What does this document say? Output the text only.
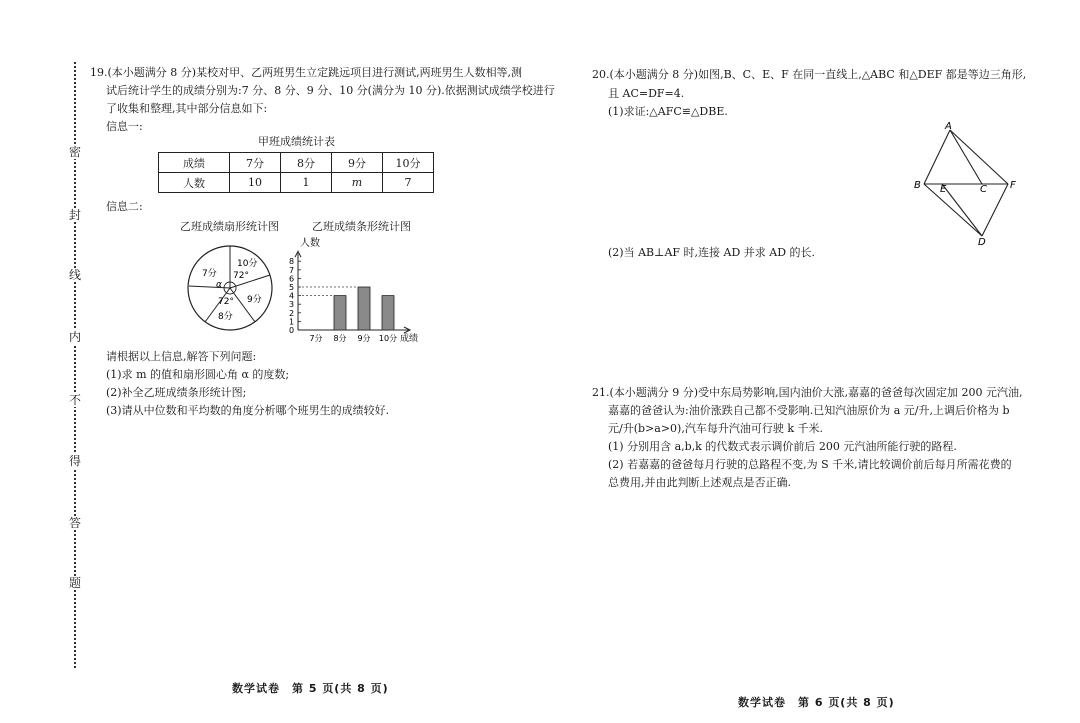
密
封
线
内
不
得
答
题
19.(本小题满分 8 分)某校对甲、乙两班男生立定跳远项目进行测试,两班男生人数相等,测
试后统计学生的成绩分别为:7 分、8 分、9 分、10 分(满分为 10 分).依据测试成绩学校进行
了收集和整理,其中部分信息如下:
信息一:
甲班成绩统计表
成绩	7分	8分	9分	10分
人数	10	1	m	7
信息二:
乙班成绩扇形统计图
10分
72°
7分
α
9分
72°
8分
乙班成绩条形统计图
人数
成绩
0
1
2
3
4
5
6
7
8
7分 8分 9分 10分
请根据以上信息,解答下列问题:
(1)求 m 的值和扇形圆心角 α 的度数;
(2)补全乙班成绩条形统计图;
(3)请从中位数和平均数的角度分析哪个班男生的成绩较好.
20.(本小题满分 8 分)如图,B、C、E、F 在同一直线上,△ABC 和△DEF 都是等边三角形,
且 AC=DF=4.
(1)求证:△AFC≌△DBE.
A
B E	C F
D
(2)当 AB⊥AF 时,连接 AD 并求 AD 的长.
21.(本小题满分 9 分)受中东局势影响,国内油价大涨,嘉嘉的爸爸每次固定加 200 元汽油,
嘉嘉的爸爸认为:油价涨跌自己都不受影响.已知汽油原价为 a 元/升,上调后价格为 b
元/升(b>a>0),汽车每升汽油可行驶 k 千米.
(1) 分别用含 a,b,k 的代数式表示调价前后 200 元汽油所能行驶的路程.
(2) 若嘉嘉的爸爸每月行驶的总路程不变,为 S 千米,请比较调价前后每月所需花费的
总费用,并由此判断上述观点是否正确.
数学试卷　第 5 页(共 8 页)
数学试卷　第 6 页(共 8 页)
